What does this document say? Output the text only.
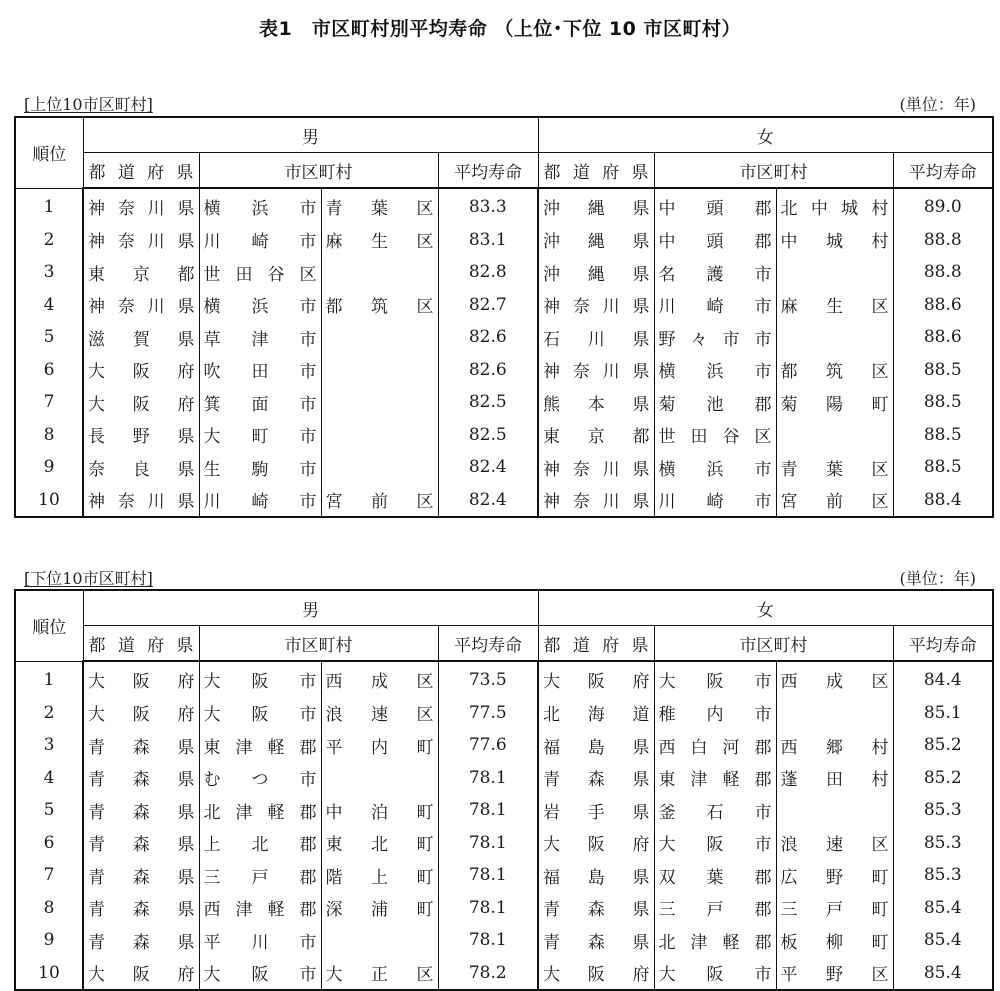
表1　市区町村別平均寿命 （上位･下位 10 市区町村）
[上位10市区町村]	(単位：年)
順位	男				女			

	都 道 府 県	市区町村		平均寿命	都 道 府 県	市区町村		平均寿命
1	神 奈 川 県	横 浜 市	青 葉 区	83.3	沖 縄 県	中 頭 郡	北 中 城 村	89.0
2	神 奈 川 県	川 崎 市	麻 生 区	83.1	沖 縄 県	中 頭 郡	中 城 村	88.8
3	東 京 都	世 田 谷 区		82.8	沖 縄 県	名 護 市		88.8
4	神 奈 川 県	横 浜 市	都 筑 区	82.7	神 奈 川 県	川 崎 市	麻 生 区	88.6
5	滋 賀 県	草 津 市		82.6	石 川 県	野 々 市 市		88.6
6	大 阪 府	吹 田 市		82.6	神 奈 川 県	横 浜 市	都 筑 区	88.5
7	大 阪 府	箕 面 市		82.5	熊 本 県	菊 池 郡	菊 陽 町	88.5
8	長 野 県	大 町 市		82.5	東 京 都	世 田 谷 区		88.5
9	奈 良 県	生 駒 市		82.4	神 奈 川 県	横 浜 市	青 葉 区	88.5
10	神 奈 川 県	川 崎 市	宮 前 区	82.4	神 奈 川 県	川 崎 市	宮 前 区	88.4
[下位10市区町村]	(単位：年)
順位	男				女			

	都 道 府 県	市区町村		平均寿命	都 道 府 県	市区町村		平均寿命
1	大 阪 府	大 阪 市	西 成 区	73.5	大 阪 府	大 阪 市	西 成 区	84.4
2	大 阪 府	大 阪 市	浪 速 区	77.5	北 海 道	稚 内 市		85.1
3	青 森 県	東 津 軽 郡	平 内 町	77.6	福 島 県	西 白 河 郡	西 郷 村	85.2
4	青 森 県	む つ 市		78.1	青 森 県	東 津 軽 郡	蓬 田 村	85.2
5	青 森 県	北 津 軽 郡	中 泊 町	78.1	岩 手 県	釜 石 市		85.3
6	青 森 県	上 北 郡	東 北 町	78.1	大 阪 府	大 阪 市	浪 速 区	85.3
7	青 森 県	三 戸 郡	階 上 町	78.1	福 島 県	双 葉 郡	広 野 町	85.3
8	青 森 県	西 津 軽 郡	深 浦 町	78.1	青 森 県	三 戸 郡	三 戸 町	85.4
9	青 森 県	平 川 市		78.1	青 森 県	北 津 軽 郡	板 柳 町	85.4
10	大 阪 府	大 阪 市	大 正 区	78.2	大 阪 府	大 阪 市	平 野 区	85.4
